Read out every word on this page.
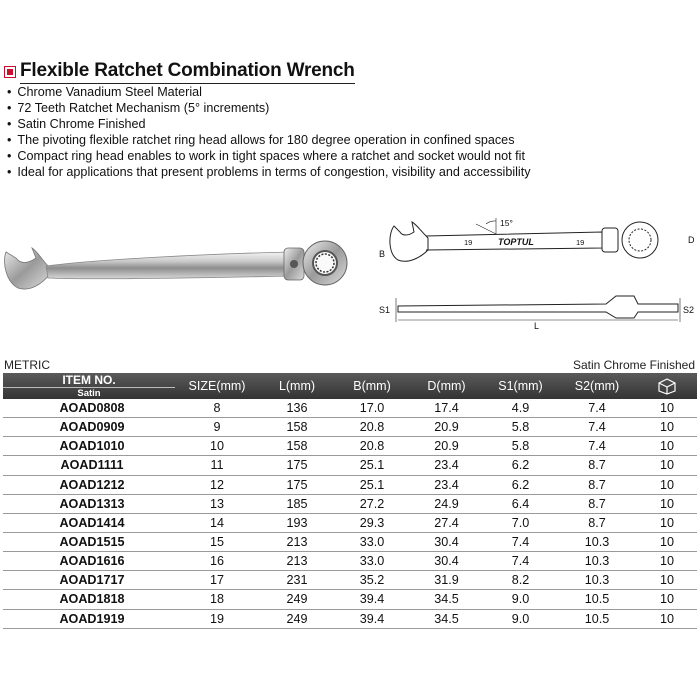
Flexible Ratchet Combination Wrench
• Chrome Vanadium Steel Material
• 72 Teeth Ratchet Mechanism (5° increments)
• Satin Chrome Finished
• The pivoting flexible ratchet ring head allows for 180 degree operation in confined spaces
• Compact ring head enables to work in tight spaces where a ratchet and socket would not fit
• Ideal for applications that present problems in terms of congestion, visibility and accessibility
15°
19	TOPTUL	19
B
D
S1	S2
L
METRIC	Satin Chrome Finished
ITEM NO.
Satin	SIZE(mm)	L(mm)	B(mm)	D(mm)	S1(mm)	S2(mm)	
AOAD0808	8	136	17.0	17.4	4.9	7.4	10
AOAD0909	9	158	20.8	20.9	5.8	7.4	10
AOAD1010	10	158	20.8	20.9	5.8	7.4	10
AOAD1111	11	175	25.1	23.4	6.2	8.7	10
AOAD1212	12	175	25.1	23.4	6.2	8.7	10
AOAD1313	13	185	27.2	24.9	6.4	8.7	10
AOAD1414	14	193	29.3	27.4	7.0	8.7	10
AOAD1515	15	213	33.0	30.4	7.4	10.3	10
AOAD1616	16	213	33.0	30.4	7.4	10.3	10
AOAD1717	17	231	35.2	31.9	8.2	10.3	10
AOAD1818	18	249	39.4	34.5	9.0	10.5	10
AOAD1919	19	249	39.4	34.5	9.0	10.5	10
